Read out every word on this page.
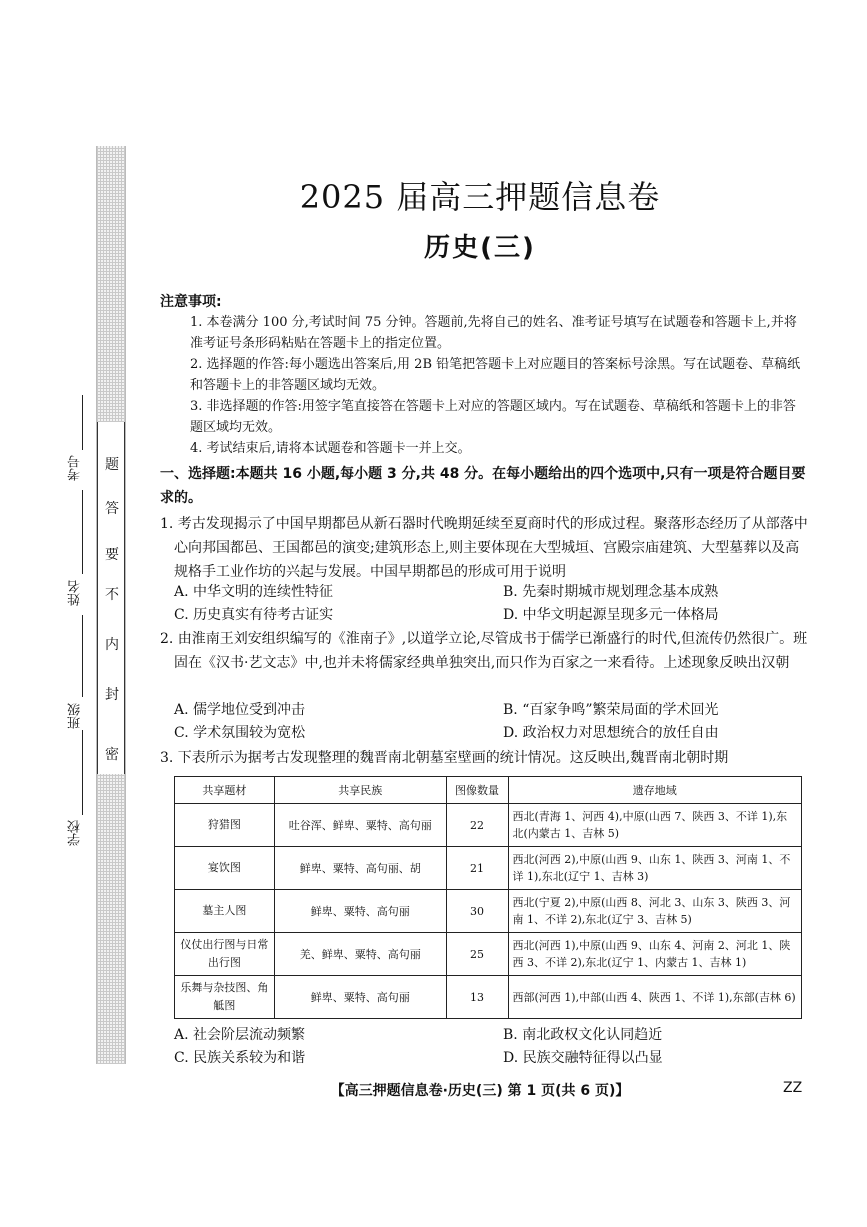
密
封
内
不
要
答
题
学校
班级
姓名
考号
2025 届高三押题信息卷
历史(三)
注意事项:
1. 本卷满分 100 分,考试时间 75 分钟。答题前,先将自己的姓名、准考证号填写在试题卷和答题卡上,并将准考证号条形码粘贴在答题卡上的指定位置。
2. 选择题的作答:每小题选出答案后,用 2B 铅笔把答题卡上对应题目的答案标号涂黑。写在试题卷、草稿纸和答题卡上的非答题区域均无效。
3. 非选择题的作答:用签字笔直接答在答题卡上对应的答题区域内。写在试题卷、草稿纸和答题卡上的非答题区域均无效。
4. 考试结束后,请将本试题卷和答题卡一并上交。
一、选择题:本题共 16 小题,每小题 3 分,共 48 分。在每小题给出的四个选项中,只有一项是符合题目要求的。
1. 考古发现揭示了中国早期都邑从新石器时代晚期延续至夏商时代的形成过程。聚落形态经历了从部落中心向邦国都邑、王国都邑的演变;建筑形态上,则主要体现在大型城垣、宫殿宗庙建筑、大型墓葬以及高规格手工业作坊的兴起与发展。中国早期都邑的形成可用于说明
A. 中华文明的连续性特征	B. 先秦时期城市规划理念基本成熟
C. 历史真实有待考古证实	D. 中华文明起源呈现多元一体格局
2. 由淮南王刘安组织编写的《淮南子》,以道学立论,尽管成书于儒学已渐盛行的时代,但流传仍然很广。班固在《汉书·艺文志》中,也并未将儒家经典单独突出,而只作为百家之一来看待。上述现象反映出汉朝
A. 儒学地位受到冲击	B. “百家争鸣”繁荣局面的学术回光
C. 学术氛围较为宽松	D. 政治权力对思想统合的放任自由
3. 下表所示为据考古发现整理的魏晋南北朝墓室壁画的统计情况。这反映出,魏晋南北朝时期
共享题材	共享民族	图像数量	遗存地域
狩猎图	吐谷浑、鲜卑、粟特、高句丽	22	西北(青海 1、河西 4),中原(山西 7、陕西 3、不详 1),东北(内蒙古 1、吉林 5)
宴饮图	鲜卑、粟特、高句丽、胡	21	西北(河西 2),中原(山西 9、山东 1、陕西 3、河南 1、不详 1),东北(辽宁 1、吉林 3)
墓主人图	鲜卑、粟特、高句丽	30	西北(宁夏 2),中原(山西 8、河北 3、山东 3、陕西 3、河南 1、不详 2),东北(辽宁 3、吉林 5)
仪仗出行图与日常出行图	羌、鲜卑、粟特、高句丽	25	西北(河西 1),中原(山西 9、山东 4、河南 2、河北 1、陕西 3、不详 2),东北(辽宁 1、内蒙古 1、吉林 1)
乐舞与杂技图、角觝图	鲜卑、粟特、高句丽	13	西部(河西 1),中部(山西 4、陕西 1、不详 1),东部(吉林 6)
A. 社会阶层流动频繁	B. 南北政权文化认同趋近
C. 民族关系较为和谐	D. 民族交融特征得以凸显
【高三押题信息卷·历史(三) 第 1 页(共 6 页)】	ZZ
